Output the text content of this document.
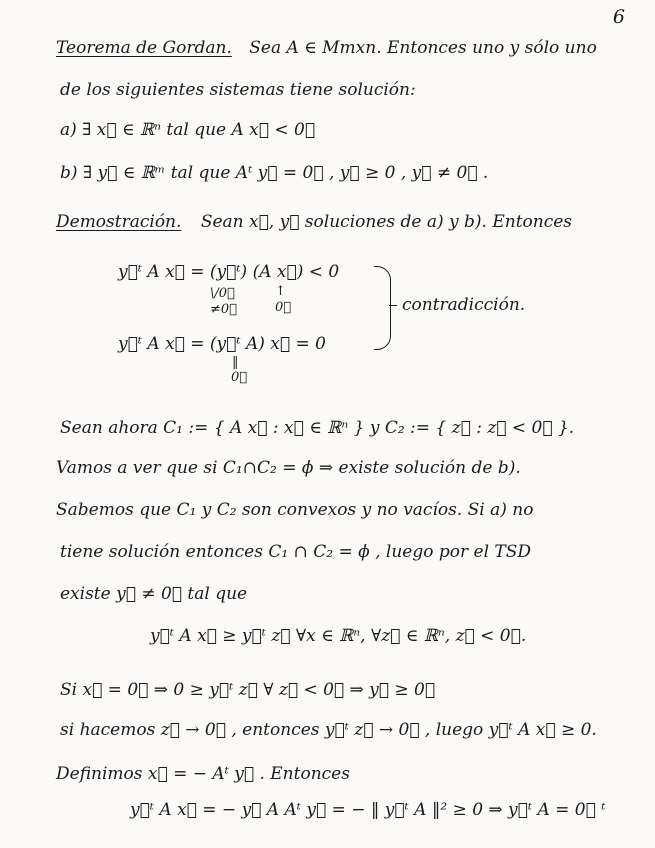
6
Teorema de Gordan. Sea A ∈ Mmxn. Entonces uno y sólo uno
de los siguientes sistemas tiene solución:
a) ∃ x⃗ ∈ ℝⁿ tal que A x⃗ < 0⃗
b) ∃ y⃗ ∈ ℝᵐ tal que Aᵗ y⃗ = 0⃗ , y⃗ ≥ 0 , y⃗ ≠ 0⃗ .
Demostración. Sean x⃗, y⃗ soluciones de a) y b). Entonces
y⃗ᵗ A x⃗ = (y⃗ᵗ) (A x⃗) < 0
\/0⃗
≠0⃗
↑
0⃗
y⃗ᵗ A x⃗ = (y⃗ᵗ A) x⃗ = 0
‖
0⃗
contradicción.
Sean ahora C₁ := { A x⃗ : x⃗ ∈ ℝⁿ } y C₂ := { z⃗ : z⃗ < 0⃗ }.
Vamos a ver que si C₁∩C₂ = ϕ ⇒ existe solución de b).
Sabemos que C₁ y C₂ son convexos y no vacíos. Si a) no
tiene solución entonces C₁ ∩ C₂ = ϕ , luego por el TSD
existe y⃗ ≠ 0⃗ tal que
y⃗ᵗ A x⃗ ≥ y⃗ᵗ z⃗ ∀x ∈ ℝⁿ, ∀z⃗ ∈ ℝⁿ, z⃗ < 0⃗.
Si x⃗ = 0⃗ ⇒ 0 ≥ y⃗ᵗ z⃗ ∀ z⃗ < 0⃗ ⇒ y⃗ ≥ 0⃗
si hacemos z⃗ → 0⃗ , entonces y⃗ᵗ z⃗ → 0⃗ , luego y⃗ᵗ A x⃗ ≥ 0.
Definimos x⃗ = − Aᵗ y⃗ . Entonces
y⃗ᵗ A x⃗ = − y⃗ A Aᵗ y⃗ = − ‖ y⃗ᵗ A ‖² ≥ 0 ⇒ y⃗ᵗ A = 0⃗ ᵗ
